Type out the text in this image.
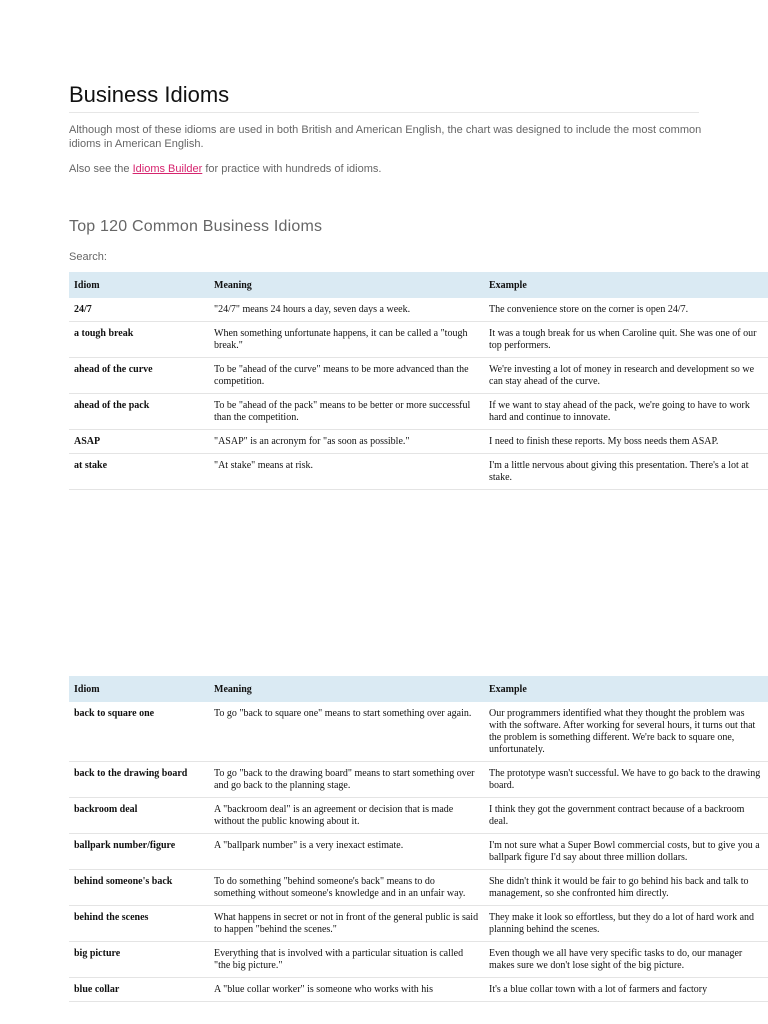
Business Idioms

Although most of these idioms are used in both British and American English, the chart was designed to include the most common idioms in American English.

Also see the Idioms Builder for practice with hundreds of idioms.

Top 120 Common Business Idioms
Search:
Idiom	Meaning	Example
24/7	"24/7" means 24 hours a day, seven days a week.	The convenience store on the corner is open 24/7.
a tough break	When something unfortunate happens, it can be called a "tough break."	It was a tough break for us when Caroline quit. She was one of our top performers.
ahead of the curve	To be "ahead of the curve" means to be more advanced than the competition.	We're investing a lot of money in research and development so we can stay ahead of the curve.
ahead of the pack	To be "ahead of the pack" means to be better or more successful than the competition.	If we want to stay ahead of the pack, we're going to have to work hard and continue to innovate.
ASAP	"ASAP" is an acronym for "as soon as possible."	I need to finish these reports. My boss needs them ASAP.
at stake	"At stake" means at risk.	I'm a little nervous about giving this presentation. There's a lot at stake.
Idiom	Meaning	Example
back to square one	To go "back to square one" means to start something over again.	Our programmers identified what they thought the problem was with the software. After working for several hours, it turns out that the problem is something different. We're back to square one, unfortunately.
back to the drawing board	To go "back to the drawing board" means to start something over and go back to the planning stage.	The prototype wasn't successful. We have to go back to the drawing board.
backroom deal	A "backroom deal" is an agreement or decision that is made without the public knowing about it.	I think they got the government contract because of a backroom deal.
ballpark number/figure	A "ballpark number" is a very inexact estimate.	I'm not sure what a Super Bowl commercial costs, but to give you a ballpark figure I'd say about three million dollars.
behind someone's back	To do something "behind someone's back" means to do something without someone's knowledge and in an unfair way.	She didn't think it would be fair to go behind his back and talk to management, so she confronted him directly.
behind the scenes	What happens in secret or not in front of the general public is said to happen "behind the scenes."	They make it look so effortless, but they do a lot of hard work and planning behind the scenes.
big picture	Everything that is involved with a particular situation is called "the big picture."	Even though we all have very specific tasks to do, our manager makes sure we don't lose sight of the big picture.
blue collar	A "blue collar worker" is someone who works with his	It's a blue collar town with a lot of farmers and factory
